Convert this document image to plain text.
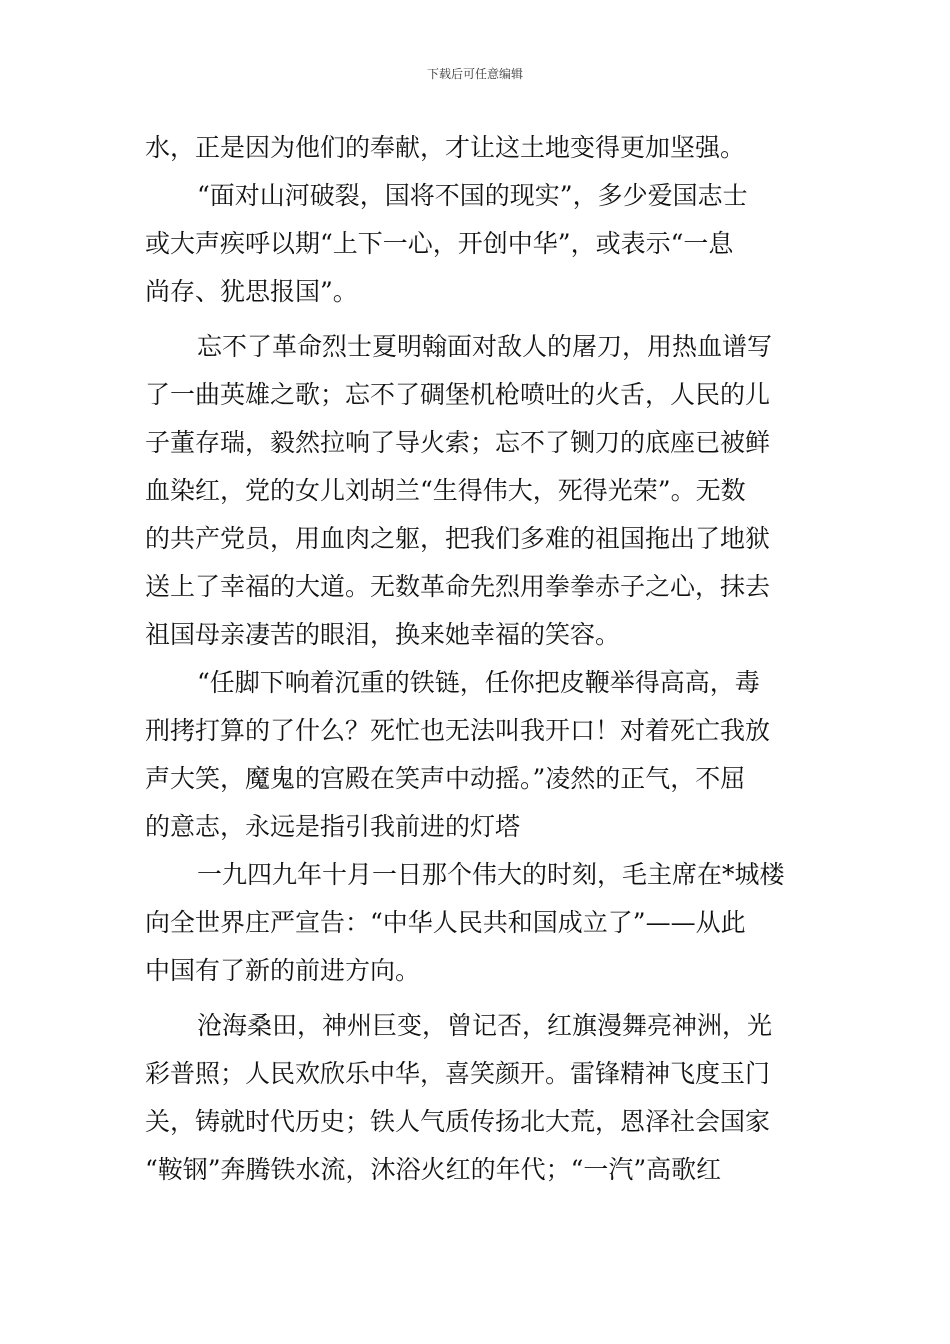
下载后可任意编辑
水，正是因为他们的奉献，才让这土地变得更加坚强。
“面对山河破裂，国将不国的现实”，多少爱国志士
或大声疾呼以期“上下一心，开创中华”，或表示“一息
尚存、犹思报国”。
忘不了革命烈士夏明翰面对敌人的屠刀，用热血谱写
了一曲英雄之歌；忘不了碉堡机枪喷吐的火舌，人民的儿
子董存瑞，毅然拉响了导火索；忘不了铡刀的底座已被鲜
血染红，党的女儿刘胡兰“生得伟大，死得光荣”。无数
的共产党员，用血肉之躯，把我们多难的祖国拖出了地狱
送上了幸福的大道。无数革命先烈用拳拳赤子之心，抹去
祖国母亲凄苦的眼泪，换来她幸福的笑容。
“任脚下响着沉重的铁链，任你把皮鞭举得高高，毒
刑拷打算的了什么？死忙也无法叫我开口！对着死亡我放
声大笑，魔鬼的宫殿在笑声中动摇。”凌然的正气，不屈
的意志，永远是指引我前进的灯塔
一九四九年十月一日那个伟大的时刻，毛主席在*城楼
向全世界庄严宣告：“中华人民共和国成立了”——从此
中国有了新的前进方向。
沧海桑田，神州巨变，曾记否，红旗漫舞亮神洲，光
彩普照；人民欢欣乐中华，喜笑颜开。雷锋精神飞度玉门
关，铸就时代历史；铁人气质传扬北大荒，恩泽社会国家
“鞍钢”奔腾铁水流，沐浴火红的年代；“一汽”高歌红
